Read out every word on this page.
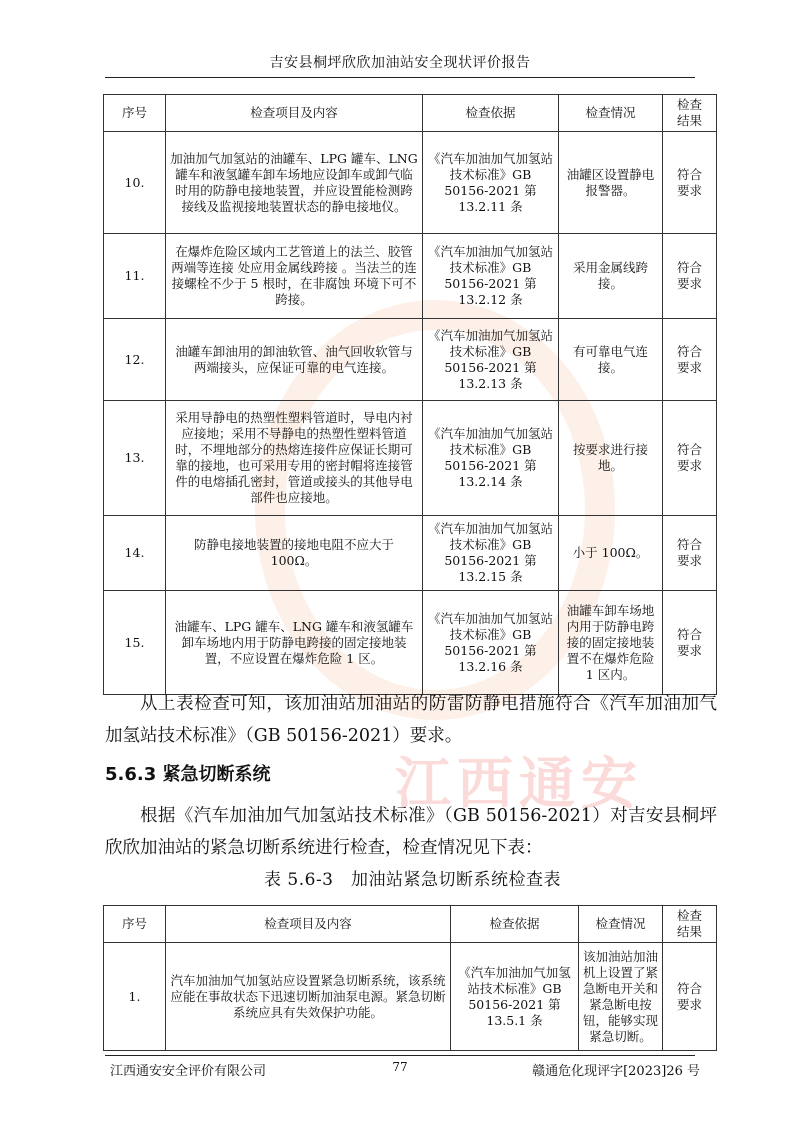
吉安县桐坪欣欣加油站安全现状评价报告
序号	检查项目及内容	检查依据	检查情况	检查
结果
10.	加油加气加氢站的油罐车、LPG 罐车、LNG 罐车和液氢罐车卸车场地应设卸车或卸气临时用的防静电接地装置，并应设置能检测跨接线及监视接地装置状态的静电接地仪。	《汽车加油加气加氢站技术标准》GB 50156-2021 第 13.2.11 条	油罐区设置静电报警器。	符合
要求
11.	在爆炸危险区域内工艺管道上的法兰、胶管两端等连接 处应用金属线跨接 。当法兰的连接螺栓不少于 5 根时，在非腐蚀 环境下可不跨接。	《汽车加油加气加氢站技术标准》GB 50156-2021 第 13.2.12 条	采用金属线跨接。	符合
要求
12.	油罐车卸油用的卸油软管、油气回收软管与两端接头，应保证可靠的电气连接。	《汽车加油加气加氢站技术标准》GB 50156-2021 第 13.2.13 条	有可靠电气连接。	符合
要求
13.	采用导静电的热塑性塑料管道时，导电内衬应接地；采用不导静电的热塑性塑料管道时，不埋地部分的热熔连接件应保证长期可靠的接地，也可采用专用的密封帽将连接管件的电熔插孔密封，管道或接头的其他导电部件也应接地。	《汽车加油加气加氢站技术标准》GB 50156-2021 第 13.2.14 条	按要求进行接地。	符合
要求
14.	防静电接地装置的接地电阻不应大于 100Ω。	《汽车加油加气加氢站技术标准》GB 50156-2021 第 13.2.15 条	小于 100Ω。	符合
要求
15.	油罐车、LPG 罐车、LNG 罐车和液氢罐车卸车场地内用于防静电跨接的固定接地装置，不应设置在爆炸危险 1 区。	《汽车加油加气加氢站技术标准》GB 50156-2021 第 13.2.16 条	油罐车卸车场地内用于防静电跨接的固定接地装置不在爆炸危险 1 区内。	符合
要求
从上表检查可知，该加油站加油站的防雷防静电措施符合《汽车加油加气加氢站技术标准》（GB 50156-2021）要求。
5.6.3 紧急切断系统 江西通安
根据《汽车加油加气加氢站技术标准》（GB 50156-2021）对吉安县桐坪欣欣加油站的紧急切断系统进行检查，检查情况见下表：
表 5.6-3　加油站紧急切断系统检查表
序号	检查项目及内容	检查依据	检查情况	检查
结果
1.	汽车加油加气加氢站应设置紧急切断系统，该系统应能在事故状态下迅速切断加油泵电源。紧急切断系统应具有失效保护功能。	《汽车加油加气加氢站技术标准》GB 50156-2021 第 13.5.1 条	该加油站加油机上设置了紧急断电开关和紧急断电按钮，能够实现紧急切断。	符合
要求
江西通安安全评价有限公司	77	赣通危化现评字[2023]26 号
